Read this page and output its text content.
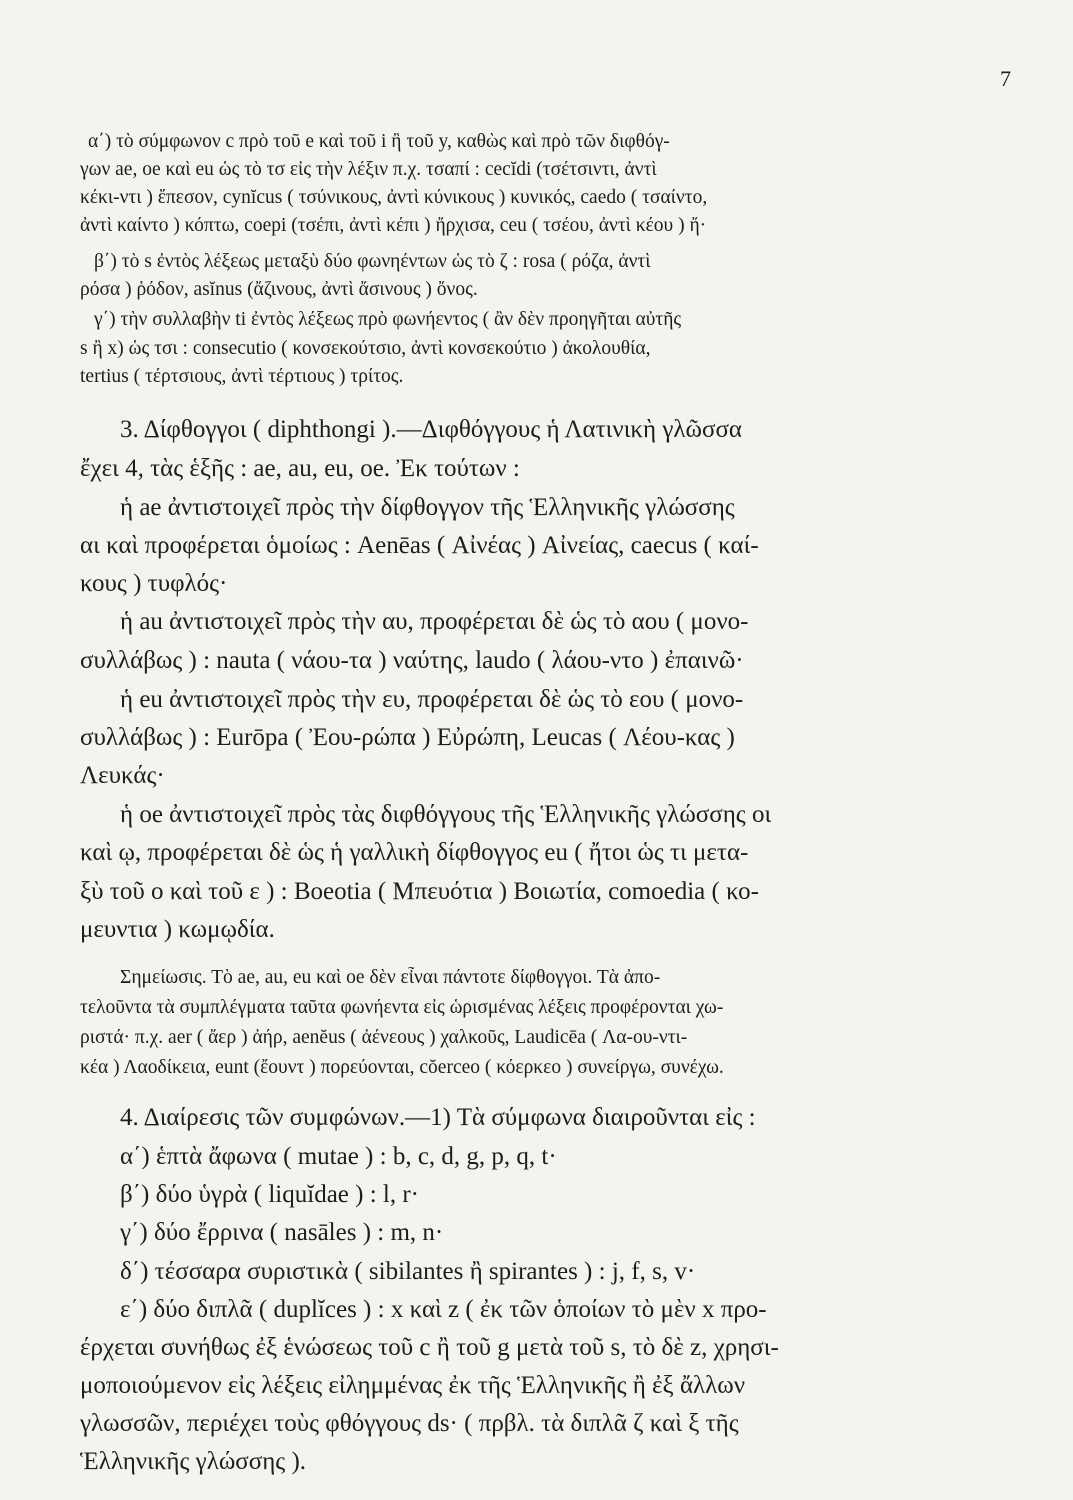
7
α΄) τὸ σύμφωνον c πρὸ τοῦ e καὶ τοῦ i ἢ τοῦ y, καθὼς καὶ πρὸ τῶν διφθόγ-
γων ae, oe καὶ eu ὡς τὸ τσ εἰς τὴν λέξιν π.χ. τσαπί : cecĭdi (τσέτσιντι, ἀντὶ
κέκι-ντι ) ἔπεσον, cynĭcus ( τσύνικους, ἀντὶ κύνικους ) κυνικός, caedo ( τσαίντο,
ἀντὶ καίντο ) κόπτω, coepi (τσέπι, ἀντὶ κέπι ) ἤρχισα, ceu ( τσέου, ἀντὶ κέου ) ἤ·
β΄) τὸ s ἐντὸς λέξεως μεταξὺ δύο φωνηέντων ὡς τὸ ζ : rosa ( ρόζα, ἀντὶ
ρόσα ) ῥόδον, asĭnus (ἄζινους, ἀντὶ ἄσινους ) ὄνος.
γ΄) τὴν συλλαβὴν ti ἐντὸς λέξεως πρὸ φωνήεντος ( ἂν δὲν προηγῆται αὐτῆς
s ἢ x) ὡς τσι : consecutio ( κονσεκούτσιο, ἀντὶ κονσεκούτιο ) ἀκολουθία,
tertius ( τέρτσιους, ἀντὶ τέρτιους ) τρίτος.
3. Δίφθογγοι ( diphthongi ).—Διφθόγγους ἡ Λατινικὴ γλῶσσα
ἔχει 4, τὰς ἑξῆς : ae, au, eu, oe. Ἐκ τούτων :
ἡ ae ἀντιστοιχεῖ πρὸς τὴν δίφθογγον τῆς Ἑλληνικῆς γλώσσης
αι καὶ προφέρεται ὁμοίως : Aenēas ( Αἰνέας ) Αἰνείας, caecus ( καί-
κους ) τυφλός·
ἡ au ἀντιστοιχεῖ πρὸς τὴν αυ, προφέρεται δὲ ὡς τὸ αου ( μονο-
συλλάβως ) : nauta ( νάου-τα ) ναύτης, laudo ( λάου-ντο ) ἐπαινῶ·
ἡ eu ἀντιστοιχεῖ πρὸς τὴν ευ, προφέρεται δὲ ὡς τὸ εου ( μονο-
συλλάβως ) : Eurōpa ( Ἐου-ρώπα ) Εὐρώπη, Leucas ( Λέου-κας )
Λευκάς·
ἡ oe ἀντιστοιχεῖ πρὸς τὰς διφθόγγους τῆς Ἑλληνικῆς γλώσσης οι
καὶ ῳ, προφέρεται δὲ ὡς ἡ γαλλικὴ δίφθογγος eu ( ἤτοι ὡς τι μετα-
ξὺ τοῦ ο καὶ τοῦ ε ) : Boeotia ( Μπευότια ) Βοιωτία, comoedia ( κο-
μευντια ) κωμῳδία.
Σημείωσις. Τὸ ae, au, eu καὶ oe δὲν εἶναι πάντοτε δίφθογγοι. Τὰ ἀπο-
τελοῦντα τὰ συμπλέγματα ταῦτα φωνήεντα εἰς ὡρισμένας λέξεις προφέρονται χω-
ριστά· π.χ. aer ( ἄερ ) ἀήρ, aenĕus ( ἀένεους ) χαλκοῦς, Laudicēa ( Λα-ου-ντι-
κέα ) Λαοδίκεια, eunt (ἔουντ ) πορεύονται, cŏerceo ( κόερκεο ) συνείργω, συνέχω.
4. Διαίρεσις τῶν συμφώνων.—1) Τὰ σύμφωνα διαιροῦνται εἰς :
α΄) ἑπτὰ ἄφωνα ( mutae ) : b, c, d, g, p, q, t·
β΄) δύο ὑγρὰ ( liquĭdae ) : l, r·
γ΄) δύο ἔρρινα ( nasāles ) : m, n·
δ΄) τέσσαρα συριστικὰ ( sibilantes ἢ spirantes ) : j, f, s, v·
ε΄) δύο διπλᾶ ( duplĭces ) : x καὶ z ( ἐκ τῶν ὁποίων τὸ μὲν x προ-
έρχεται συνήθως ἐξ ἑνώσεως τοῦ c ἢ τοῦ g μετὰ τοῦ s, τὸ δὲ z, χρησι-
μοποιούμενον εἰς λέξεις εἰλημμένας ἐκ τῆς Ἑλληνικῆς ἢ ἐξ ἄλλων
γλωσσῶν, περιέχει τοὺς φθόγγους ds· ( πρβλ. τὰ διπλᾶ ζ καὶ ξ τῆς
Ἑλληνικῆς γλώσσης ).
